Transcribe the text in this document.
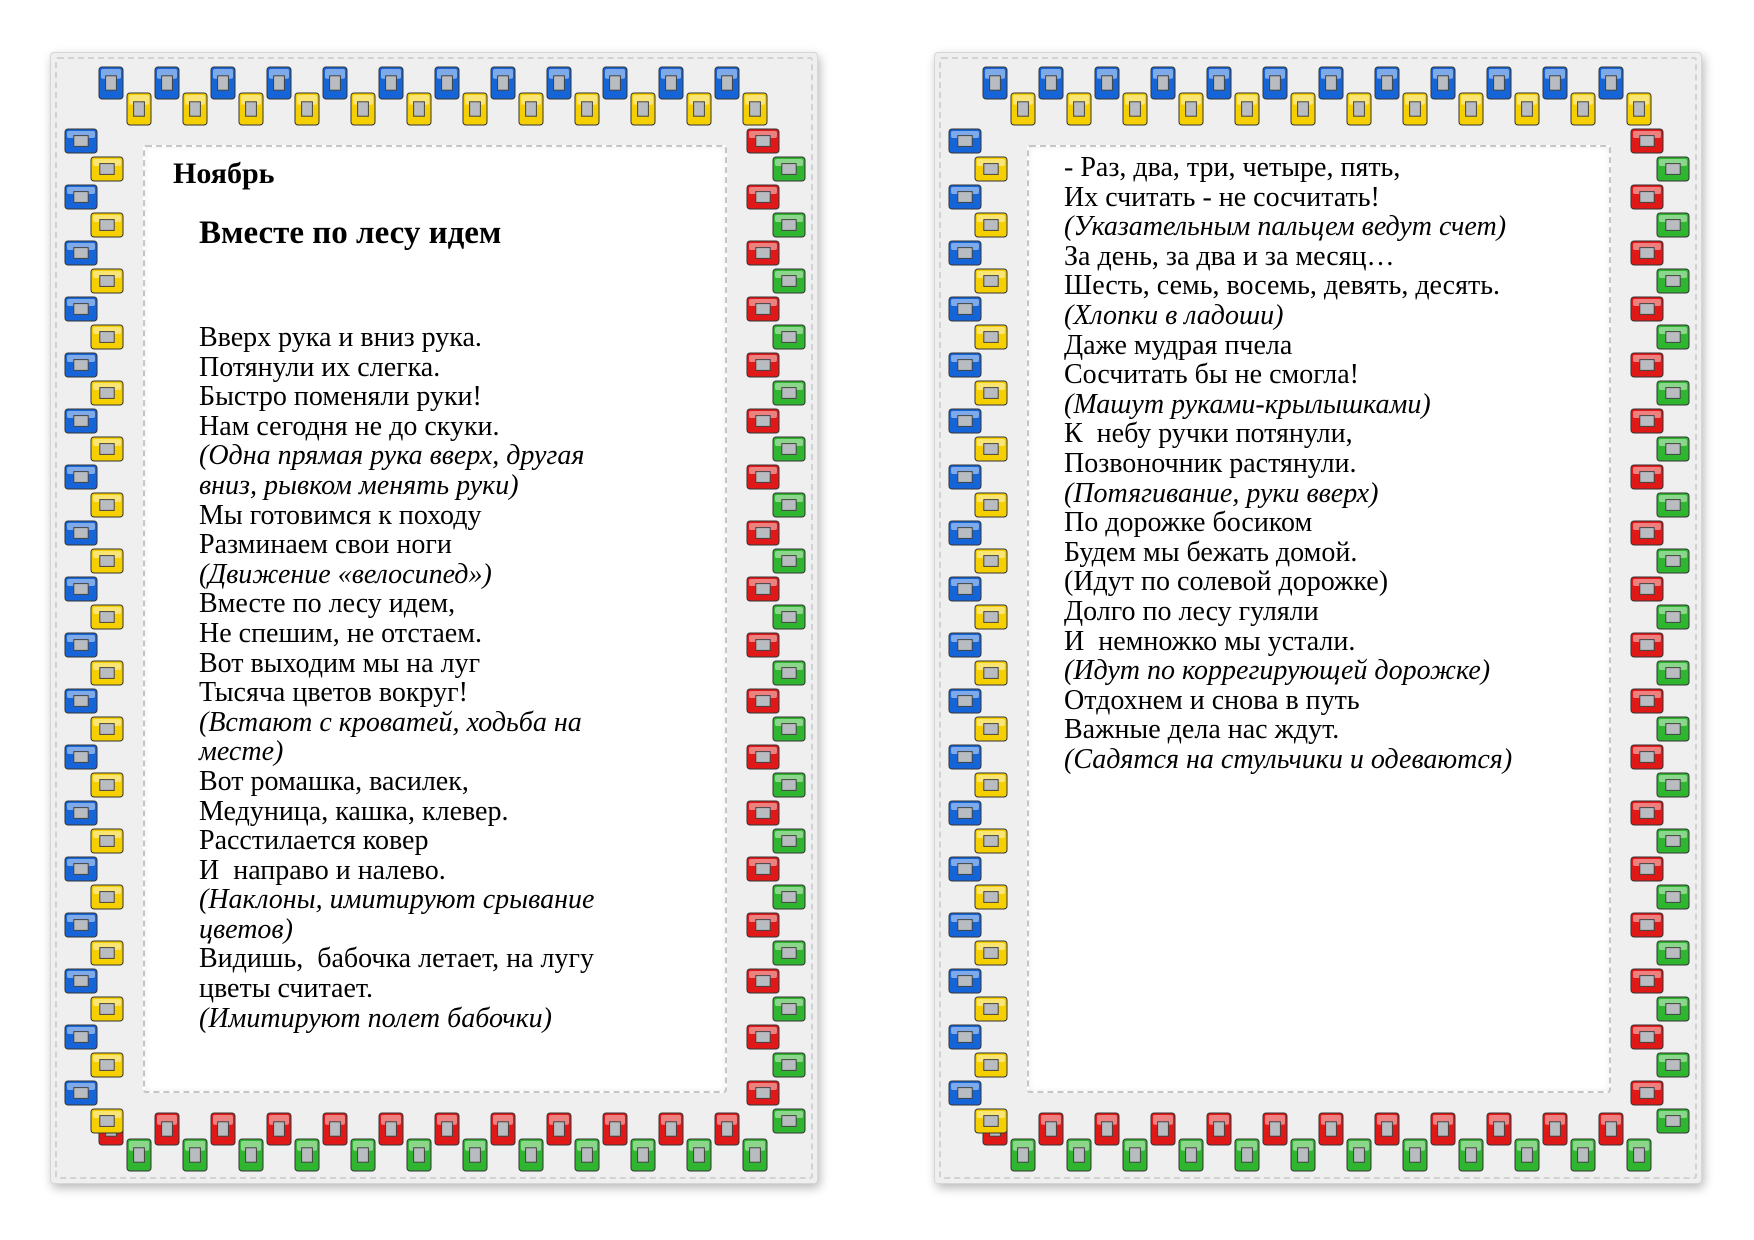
Ноябрь
Вместе по лесу идем
Вверх рука и вниз рука.
Потянули их слегка.
Быстро поменяли руки!
Нам сегодня не до скуки.
(Одна прямая рука вверх, другая
вниз, рывком менять руки)
Мы готовимся к походу
Разминаем свои ноги
(Движение «велосипед»)
Вместе по лесу идем,
Не спешим, не отстаем.
Вот выходим мы на луг
Тысяча цветов вокруг!
(Встают с кроватей, ходьба на
месте)
Вот ромашка, василек,
Медуница, кашка, клевер.
Расстилается ковер
И  направо и налево.
(Наклоны, имитируют срывание
цветов)
Видишь,  бабочка летает, на лугу
цветы считает.
(Имитируют полет бабочки)
- Раз, два, три, четыре, пять,
Их считать - не сосчитать!
(Указательным пальцем ведут счет)
За день, за два и за месяц…
Шесть, семь, восемь, девять, десять.
(Хлопки в ладоши)
Даже мудрая пчела
Сосчитать бы не смогла!
(Машут руками-крылышками)
К  небу ручки потянули,
Позвоночник растянули.
(Потягивание, руки вверх)
По дорожке босиком
Будем мы бежать домой.
(Идут по солевой дорожке)
Долго по лесу гуляли
И  немножко мы устали.
(Идут по коррегирующей дорожке)
Отдохнем и снова в путь
Важные дела нас ждут.
(Садятся на стульчики и одеваются)
